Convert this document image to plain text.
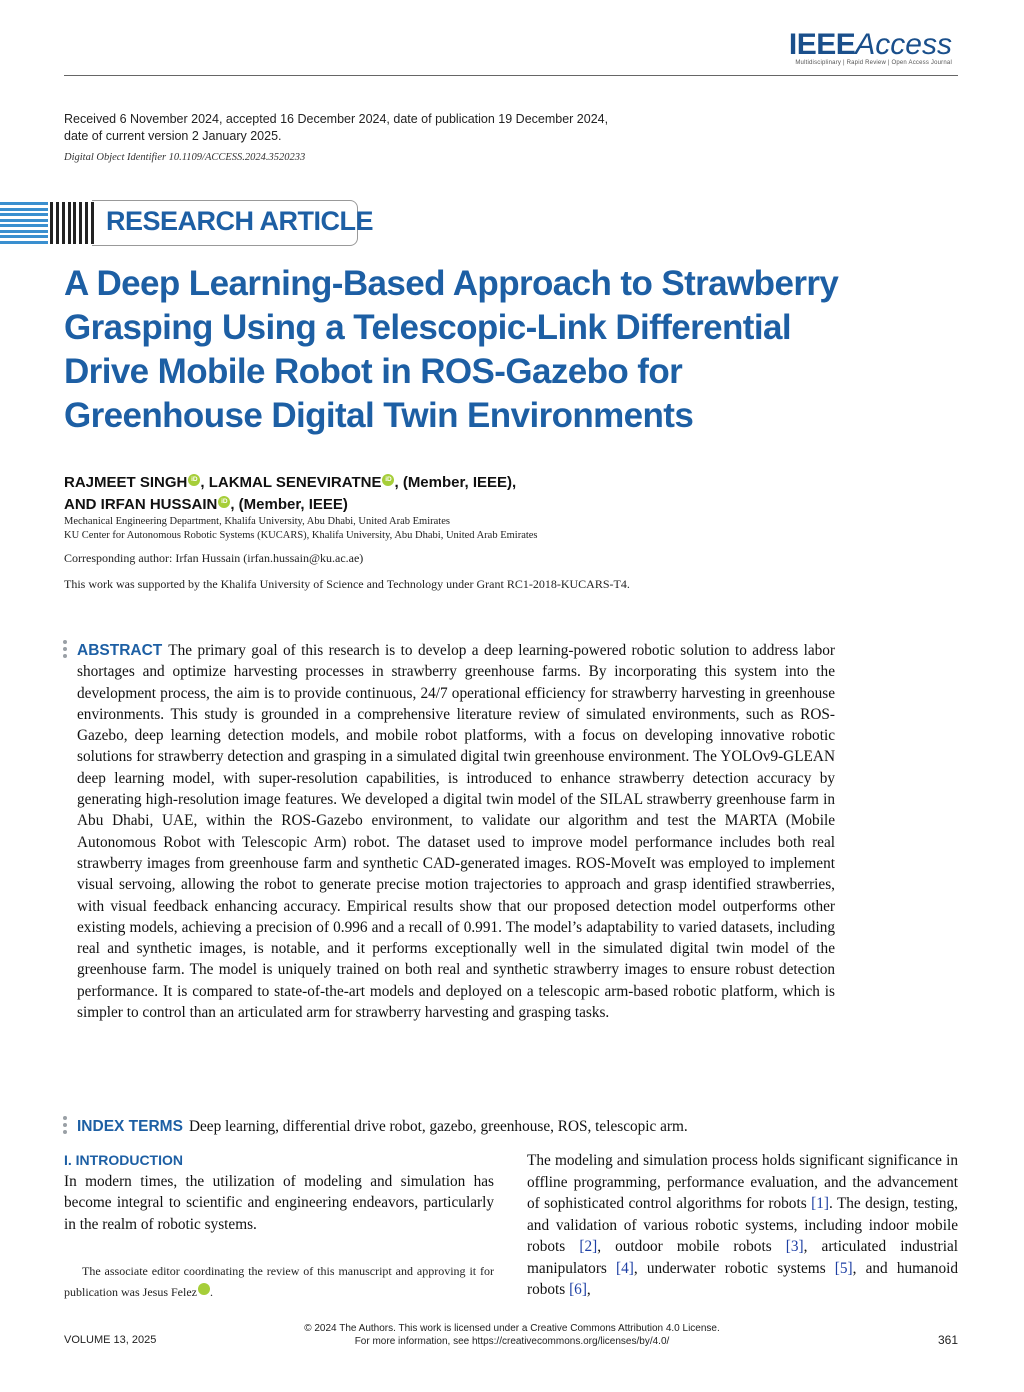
IEEEAccess
Multidisciplinary | Rapid Review | Open Access Journal
Received 6 November 2024, accepted 16 December 2024, date of publication 19 December 2024,
date of current version 2 January 2025.
Digital Object Identifier 10.1109/ACCESS.2024.3520233
RESEARCH ARTICLE
A Deep Learning-Based Approach to Strawberry Grasping Using a Telescopic-Link Differential Drive Mobile Robot in ROS-Gazebo for Greenhouse Digital Twin Environments
RAJMEET SINGH iD , LAKMAL SENEVIRATNE iD , (Member, IEEE),
AND IRFAN HUSSAIN iD , (Member, IEEE)
Mechanical Engineering Department, Khalifa University, Abu Dhabi, United Arab Emirates
KU Center for Autonomous Robotic Systems (KUCARS), Khalifa University, Abu Dhabi, United Arab Emirates
Corresponding author: Irfan Hussain (irfan.hussain@ku.ac.ae)
This work was supported by the Khalifa University of Science and Technology under Grant RC1-2018-KUCARS-T4.

ABSTRACT The primary goal of this research is to develop a deep learning-powered robotic solution to address labor shortages and optimize harvesting processes in strawberry greenhouse farms. By incorporating this system into the development process, the aim is to provide continuous, 24/7 operational efficiency for strawberry harvesting in greenhouse environments. This study is grounded in a comprehensive literature review of simulated environments, such as ROS-Gazebo, deep learning detection models, and mobile robot platforms, with a focus on developing innovative robotic solutions for strawberry detection and grasping in a simulated digital twin greenhouse environment. The YOLOv9-GLEAN deep learning model, with super-resolution capabilities, is introduced to enhance strawberry detection accuracy by generating high-resolution image features. We developed a digital twin model of the SILAL strawberry greenhouse farm in Abu Dhabi, UAE, within the ROS-Gazebo environment, to validate our algorithm and test the MARTA (Mobile Autonomous Robot with Telescopic Arm) robot. The dataset used to improve model performance includes both real strawberry images from greenhouse farm and synthetic CAD-generated images. ROS-MoveIt was employed to implement visual servoing, allowing the robot to generate precise motion trajectories to approach and grasp identified strawberries, with visual feedback enhancing accuracy. Empirical results show that our proposed detection model outperforms other existing models, achieving a precision of 0.996 and a recall of 0.991. The model’s adaptability to varied datasets, including real and synthetic images, is notable, and it performs exceptionally well in the simulated digital twin model of the greenhouse farm. The model is uniquely trained on both real and synthetic strawberry images to ensure robust detection performance. It is compared to state-of-the-art models and deployed on a telescopic arm-based robotic platform, which is simpler to control than an articulated arm for strawberry harvesting and grasping tasks.

INDEX TERMS Deep learning, differential drive robot, gazebo, greenhouse, ROS, telescopic arm.

I. INTRODUCTION

In modern times, the utilization of modeling and simulation has become integral to scientific and engineering endeavors, particularly in the realm of robotic systems.

The associate editor coordinating the review of this manuscript and approving it for publication was Jesus Felez	iD.

The modeling and simulation process holds significant significance in offline programming, performance evaluation, and the advancement of sophisticated control algorithms for robots [1]. The design, testing, and validation of various robotic systems, including indoor mobile robots [2], outdoor mobile robots [3], articulated industrial manipulators [4], underwater robotic systems [5], and humanoid robots [6],

© 2024 The Authors. This work is licensed under a Creative Commons Attribution 4.0 License.
For more information, see https://creativecommons.org/licenses/by/4.0/
VOLUME 13, 2025	361
